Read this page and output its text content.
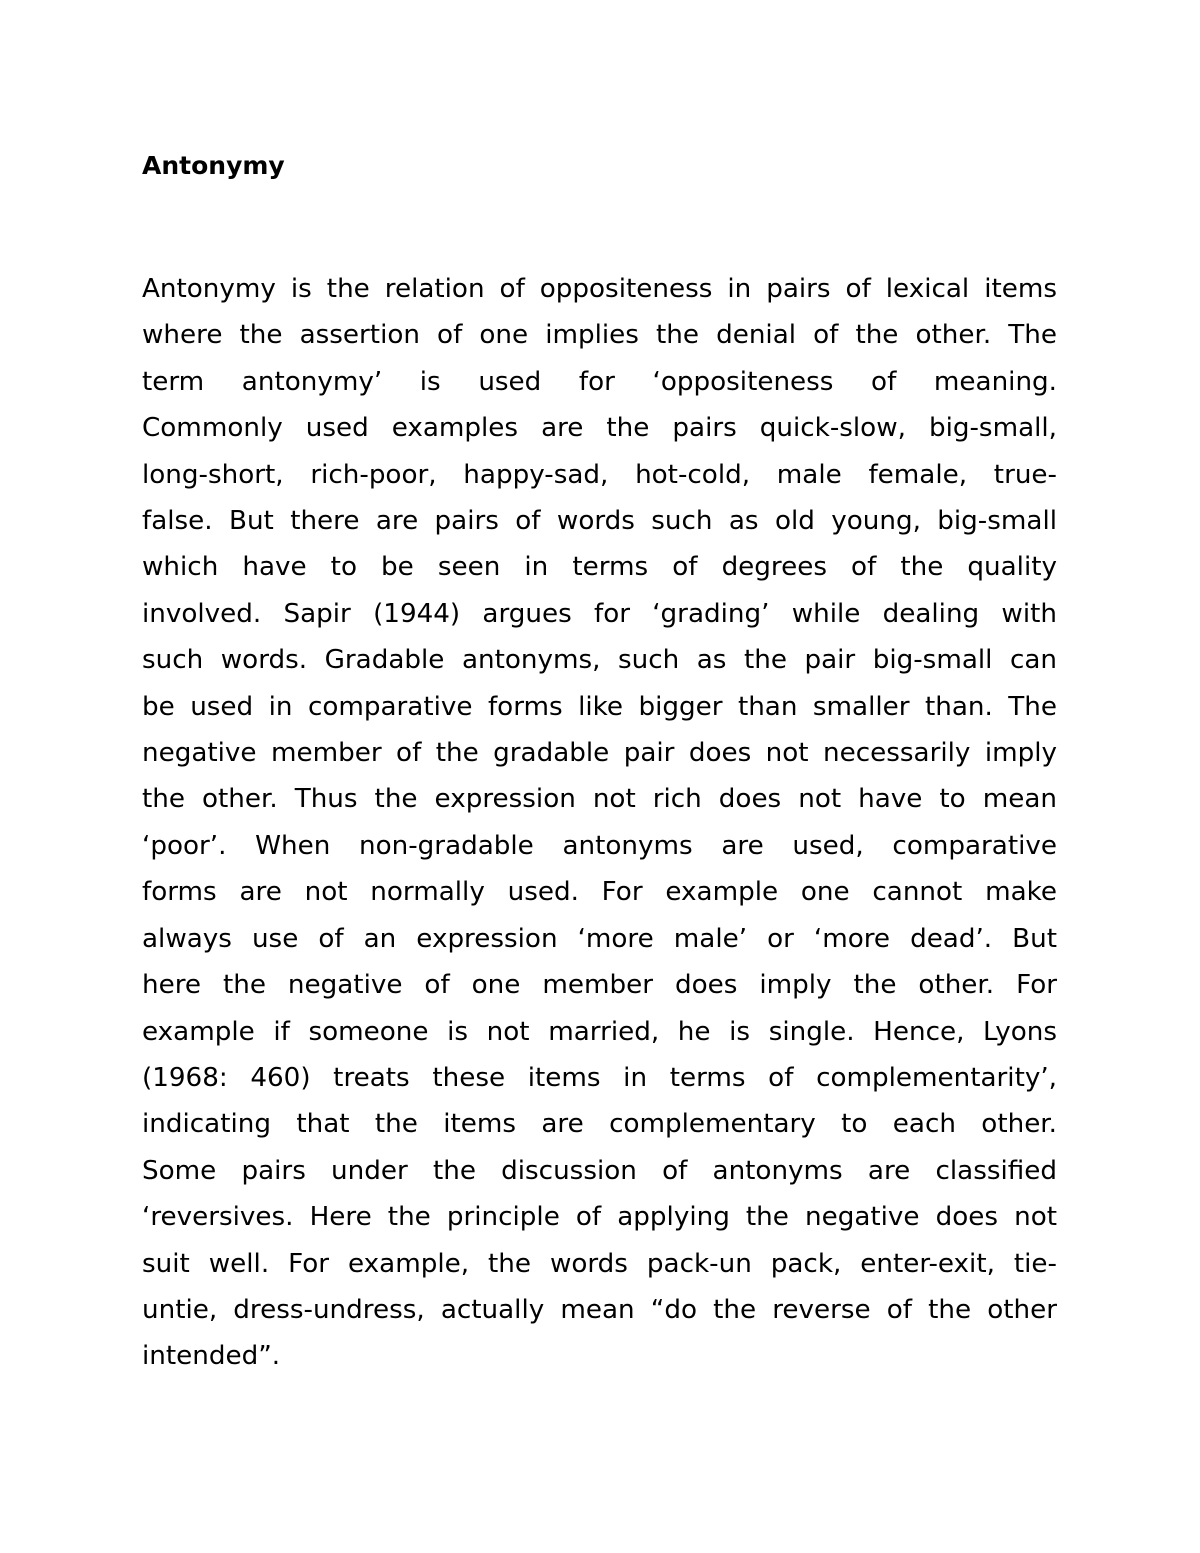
Antonymy
Antonymy is the relation of oppositeness in pairs of lexical items
where the assertion of one implies the denial of the other. The
term antonymy’ is used for ‘oppositeness of meaning.
Commonly used examples are the pairs quick-slow, big-small,
long-short, rich-poor, happy-sad, hot-cold, male female, true-
false. But there are pairs of words such as old young, big-small
which have to be seen in terms of degrees of the quality
involved. Sapir (1944) argues for ‘grading’ while dealing with
such words. Gradable antonyms, such as the pair big-small can
be used in comparative forms like bigger than smaller than. The
negative member of the gradable pair does not necessarily imply
the other. Thus the expression not rich does not have to mean
‘poor’. When non-gradable antonyms are used, comparative
forms are not normally used. For example one cannot make
always use of an expression ‘more male’ or ‘more dead’. But
here the negative of one member does imply the other. For
example if someone is not married, he is single. Hence, Lyons
(1968: 460) treats these items in terms of complementarity’,
indicating that the items are complementary to each other.
Some pairs under the discussion of antonyms are classified
‘reversives. Here the principle of applying the negative does not
suit well. For example, the words pack-un pack, enter-exit, tie-
untie, dress-undress, actually mean “do the reverse of the other
intended”.
